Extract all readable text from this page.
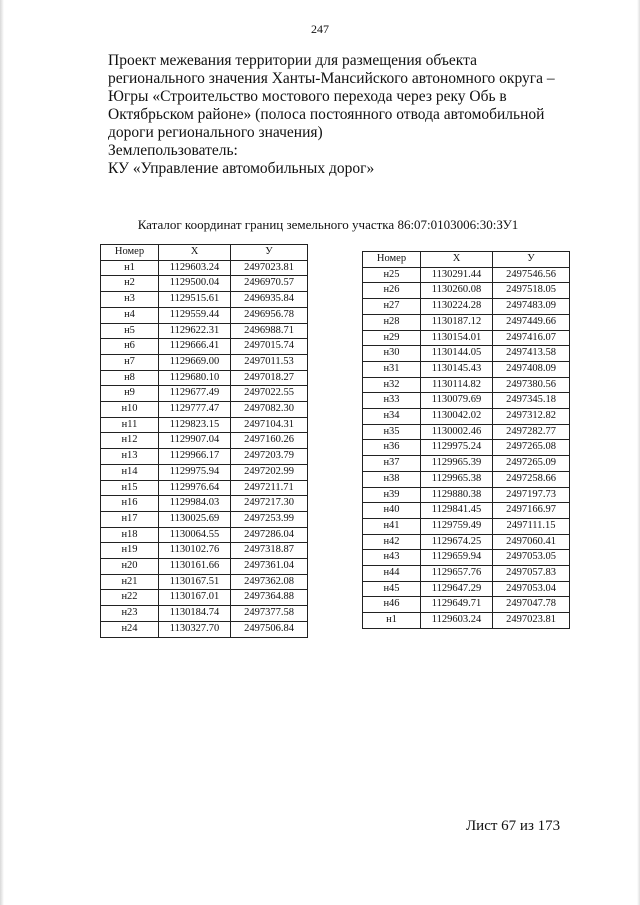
247
Проект межевания территории для размещения объекта
регионального значения Ханты-Мансийского автономного округа –
Югры «Строительство мостового перехода через реку Обь в
Октябрьском районе» (полоса постоянного отвода автомобильной
дороги регионального значения)
Землепользователь:
КУ «Управление автомобильных дорог»
Каталог координат границ земельного участка 86:07:0103006:30:ЗУ1
Номер	X	У
н1	1129603.24	2497023.81
н2	1129500.04	2496970.57
н3	1129515.61	2496935.84
н4	1129559.44	2496956.78
н5	1129622.31	2496988.71
н6	1129666.41	2497015.74
н7	1129669.00	2497011.53
н8	1129680.10	2497018.27
н9	1129677.49	2497022.55
н10	1129777.47	2497082.30
н11	1129823.15	2497104.31
н12	1129907.04	2497160.26
н13	1129966.17	2497203.79
н14	1129975.94	2497202.99
н15	1129976.64	2497211.71
н16	1129984.03	2497217.30
н17	1130025.69	2497253.99
н18	1130064.55	2497286.04
н19	1130102.76	2497318.87
н20	1130161.66	2497361.04
н21	1130167.51	2497362.08
н22	1130167.01	2497364.88
н23	1130184.74	2497377.58
н24	1130327.70	2497506.84
Номер	X	У
н25	1130291.44	2497546.56
н26	1130260.08	2497518.05
н27	1130224.28	2497483.09
н28	1130187.12	2497449.66
н29	1130154.01	2497416.07
н30	1130144.05	2497413.58
н31	1130145.43	2497408.09
н32	1130114.82	2497380.56
н33	1130079.69	2497345.18
н34	1130042.02	2497312.82
н35	1130002.46	2497282.77
н36	1129975.24	2497265.08
н37	1129965.39	2497265.09
н38	1129965.38	2497258.66
н39	1129880.38	2497197.73
н40	1129841.45	2497166.97
н41	1129759.49	2497111.15
н42	1129674.25	2497060.41
н43	1129659.94	2497053.05
н44	1129657.76	2497057.83
н45	1129647.29	2497053.04
н46	1129649.71	2497047.78
н1	1129603.24	2497023.81
Лист 67 из 173
